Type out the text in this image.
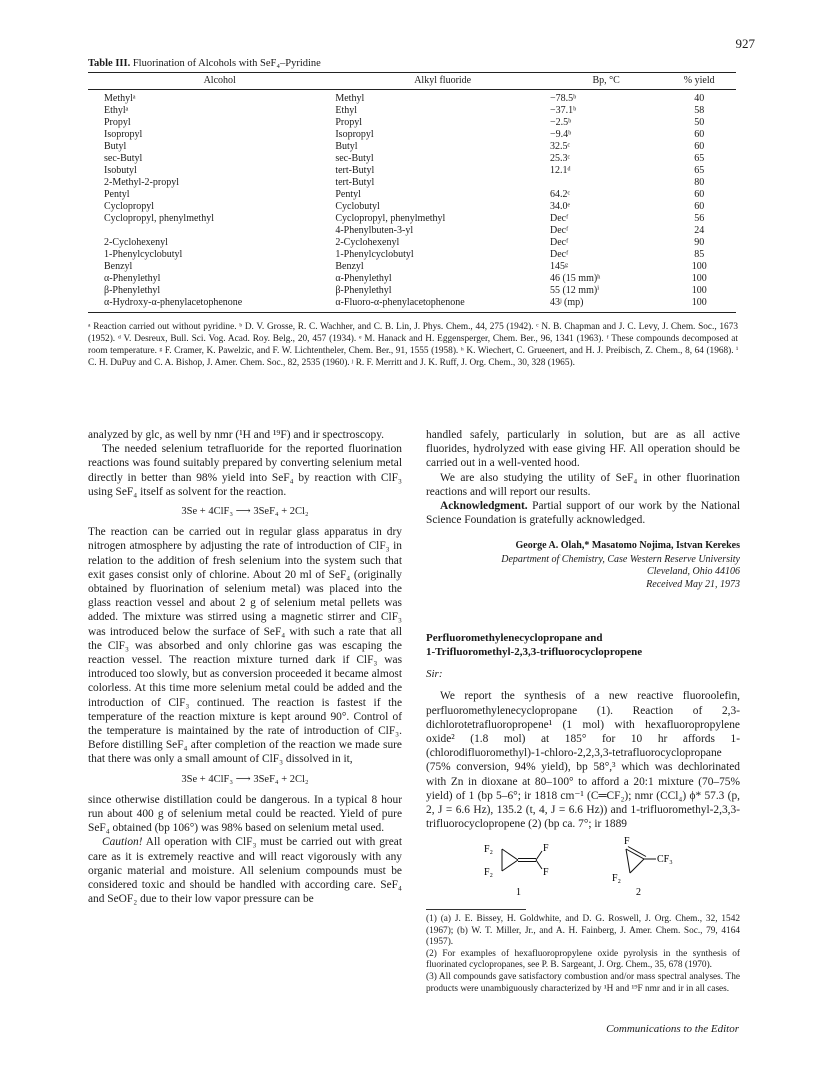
927
Table III. Fluorination of Alcohols with SeF₄–Pyridine
Alcohol	Alkyl fluoride	Bp, °C	% yield
Methylᵃ	Methyl	−78.5ᵇ	40
Ethylᵃ	Ethyl	−37.1ᵇ	58
Propyl	Propyl	−2.5ᵇ	50
Isopropyl	Isopropyl	−9.4ᵇ	60
Butyl	Butyl	32.5ᶜ	60
sec-Butyl	sec-Butyl	25.3ᶜ	65
Isobutyl	tert-Butyl	12.1ᵈ	65
2-Methyl-2-propyl	tert-Butyl		80
Pentyl	Pentyl	64.2ᶜ	60
Cyclopropyl	Cyclobutyl	34.0ᵉ	60
Cyclopropyl, phenylmethyl	Cyclopropyl, phenylmethyl	Decᶠ	56
	4-Phenylbuten-3-yl	Decᶠ	24
2-Cyclohexenyl	2-Cyclohexenyl	Decᶠ	90
1-Phenylcyclobutyl	1-Phenylcyclobutyl	Decᶠ	85
Benzyl	Benzyl	145ᵍ	100
α-Phenylethyl	α-Phenylethyl	46 (15 mm)ʰ	100
β-Phenylethyl	β-Phenylethyl	55 (12 mm)ⁱ	100
α-Hydroxy-α-phenylacetophenone	α-Fluoro-α-phenylacetophenone	43ʲ (mp)	100
ᵃ Reaction carried out without pyridine. ᵇ D. V. Grosse, R. C. Wachher, and C. B. Lin, J. Phys. Chem., 44, 275 (1942). ᶜ N. B. Chapman and J. C. Levy, J. Chem. Soc., 1673 (1952). ᵈ V. Desreux, Bull. Sci. Vog. Acad. Roy. Belg., 20, 457 (1934). ᵉ M. Hanack and H. Eggensperger, Chem. Ber., 96, 1341 (1963). ᶠ These compounds decomposed at room temperature. ᵍ F. Cramer, K. Pawelzic, and F. W. Lichtentheler, Chem. Ber., 91, 1555 (1958). ʰ K. Wiechert, C. Grueenert, and H. J. Preibisch, Z. Chem., 8, 64 (1968). ⁱ C. H. DuPuy and C. A. Bishop, J. Amer. Chem. Soc., 82, 2535 (1960). ʲ R. F. Merritt and J. K. Ruff, J. Org. Chem., 30, 328 (1965).

analyzed by glc, as well by nmr (¹H and ¹⁹F) and ir spectroscopy.

The needed selenium tetrafluoride for the reported fluorination reactions was found suitably prepared by converting selenium metal directly in better than 98% yield into SeF₄ by reaction with ClF₃ using SeF₄ itself as solvent for the reaction.

3Se + 4ClF₃ ⟶ 3SeF₄ + 2Cl₂

The reaction can be carried out in regular glass apparatus in dry nitrogen atmosphere by adjusting the rate of introduction of ClF₃ in relation to the addition of fresh selenium into the system such that exit gases consist only of chlorine. About 20 ml of SeF₄ (originally obtained by fluorination of selenium metal) was placed into the glass reaction vessel and about 2 g of selenium metal pellets was added. The mixture was stirred using a magnetic stirrer and ClF₃ was introduced below the surface of SeF₄ with such a rate that all the ClF₃ was absorbed and only chlorine gas was escaping the reaction vessel. The reaction mixture turned dark if ClF₃ was introduced too slowly, but as conversion proceeded it became almost colorless. At this time more selenium metal could be added and the introduction of ClF₃ continued. The reaction is fastest if the temperature of the reaction mixture is kept around 90°. Control of the temperature is maintained by the rate of introduction of ClF₃. Before distilling SeF₄ after completion of the reaction we made sure that there was only a small amount of ClF₃ dissolved in it,

3Se + 4ClF₃ ⟶ 3SeF₄ + 2Cl₂

since otherwise distillation could be dangerous. In a typical 8 hour run about 400 g of selenium metal could be reacted. Yield of pure SeF₄ obtained (bp 106°) was 98% based on selenium metal used.

Caution! All operation with ClF₃ must be carried out with great care as it is extremely reactive and will react vigorously with any organic material and moisture. All selenium compounds must be considered toxic and should be handled with according care. SeF₄ and SeOF₂ due to their low vapor pressure can be

handled safely, particularly in solution, but are as all active fluorides, hydrolyzed with ease giving HF. All operation should be carried out in a well-vented hood.

We are also studying the utility of SeF₄ in other fluorination reactions and will report our results.

Acknowledgment. Partial support of our work by the National Science Foundation is gratefully acknowledged.

George A. Olah,* Masatomo Nojima, Istvan Kerekes

Department of Chemistry, Case Western Reserve University

Cleveland, Ohio 44106

Received May 21, 1973

Perfluoromethylenecyclopropane and
1-Trifluoromethyl-2,3,3-trifluorocyclopropene

Sir:

We report the synthesis of a new reactive fluoroolefin, perfluoromethylenecyclopropane (1). Reaction of 2,3-dichlorotetrafluoropropene¹ (1 mol) with hexafluoropropylene oxide² (1.8 mol) at 185° for 10 hr affords 1-(chlorodifluoromethyl)-1-chloro-2,2,3,3-tetrafluorocyclopropane (75% conversion, 94% yield), bp 58°,³ which was dechlorinated with Zn in dioxane at 80–100° to afford a 20:1 mixture (70–75% yield) of 1 (bp 5–6°; ir 1818 cm⁻¹ (C═CF₂); nmr (CCl₄) ϕ* 57.3 (p, 2, J = 6.6 Hz), 135.2 (t, 4, J = 6.6 Hz)) and 1-trifluoromethyl-2,3,3-trifluorocyclopropene (2) (bp ca. 7°; ir 1889

F₂
F₂
F
F
1
F
CF₃
F₂
2

(1) (a) J. E. Bissey, H. Goldwhite, and D. G. Roswell, J. Org. Chem., 32, 1542 (1967); (b) W. T. Miller, Jr., and A. H. Fainberg, J. Amer. Chem. Soc., 79, 4164 (1957).

(2) For examples of hexafluoropropylene oxide pyrolysis in the synthesis of fluorinated cyclopropanes, see P. B. Sargeant, J. Org. Chem., 35, 678 (1970).

(3) All compounds gave satisfactory combustion and/or mass spectral analyses. The products were unambiguously characterized by ¹H and ¹⁹F nmr and ir in all cases.

Communications to the Editor
